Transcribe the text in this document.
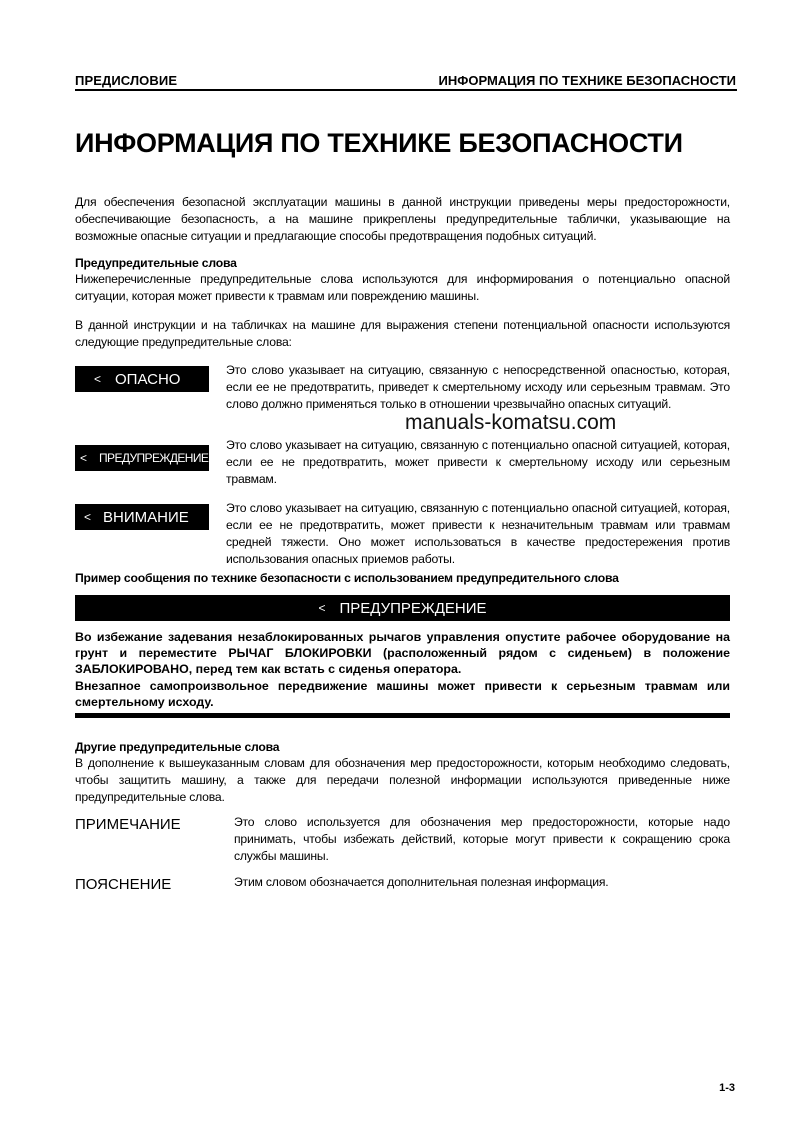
ПРЕДИСЛОВИЕ	ИНФОРМАЦИЯ ПО ТЕХНИКЕ БЕЗОПАСНОСТИ
ИНФОРМАЦИЯ ПО ТЕХНИКЕ БЕЗОПАСНОСТИ
Для обеспечения безопасной эксплуатации машины в данной инструкции приведены меры предосторожности, обеспечивающие безопасность, а на машине прикреплены предупредительные таблички, указывающие на возможные опасные ситуации и предлагающие способы предотвращения подобных ситуаций.
Предупредительные слова
Нижеперечисленные предупредительные слова используются для информирования о потенциально опасной ситуации, которая может привести к травмам или повреждению машины.
В данной инструкции и на табличках на машине для выражения степени потенциальной опасности используются следующие предупредительные слова:
< ОПАСНО
Это слово указывает на ситуацию, связанную с непосредственной опасностью, которая, если ее не предотвратить, приведет к смертельному исходу или серьезным травмам. Это слово должно применяться только в отношении чрезвычайно опасных ситуаций.
manuals-komatsu.com
< ПРЕДУПРЕЖДЕНИЕ
Это слово указывает на ситуацию, связанную с потенциально опасной ситуацией, которая, если ее не предотвратить, может привести к смертельному исходу или серьезным травмам.
< ВНИМАНИЕ
Это слово указывает на ситуацию, связанную с потенциально опасной ситуацией, которая, если ее не предотвратить, может привести к незначительным травмам или травмам средней тяжести. Оно может использоваться в качестве предостережения против использования опасных приемов работы.
Пример сообщения по технике безопасности с использованием предупредительного слова
< ПРЕДУПРЕЖДЕНИЕ
Во избежание задевания незаблокированных рычагов управления опустите рабочее оборудование на грунт и переместите РЫЧАГ БЛОКИРОВКИ (расположенный рядом с сиденьем) в положение ЗАБЛОКИРОВАНО, перед тем как встать с сиденья оператора.
Внезапное самопроизвольное передвижение машины может привести к серьезным травмам или смертельному исходу.
Другие предупредительные слова
В дополнение к вышеуказанным словам для обозначения мер предосторожности, которым необходимо следовать, чтобы защитить машину, а также для передачи полезной информации используются приведенные ниже предупредительные слова.
ПРИМЕЧАНИЕ	Это слово используется для обозначения мер предосторожности, которые надо принимать, чтобы избежать действий, которые могут привести к сокращению срока службы машины.
ПОЯСНЕНИЕ	Этим словом обозначается дополнительная полезная информация.
1-3
